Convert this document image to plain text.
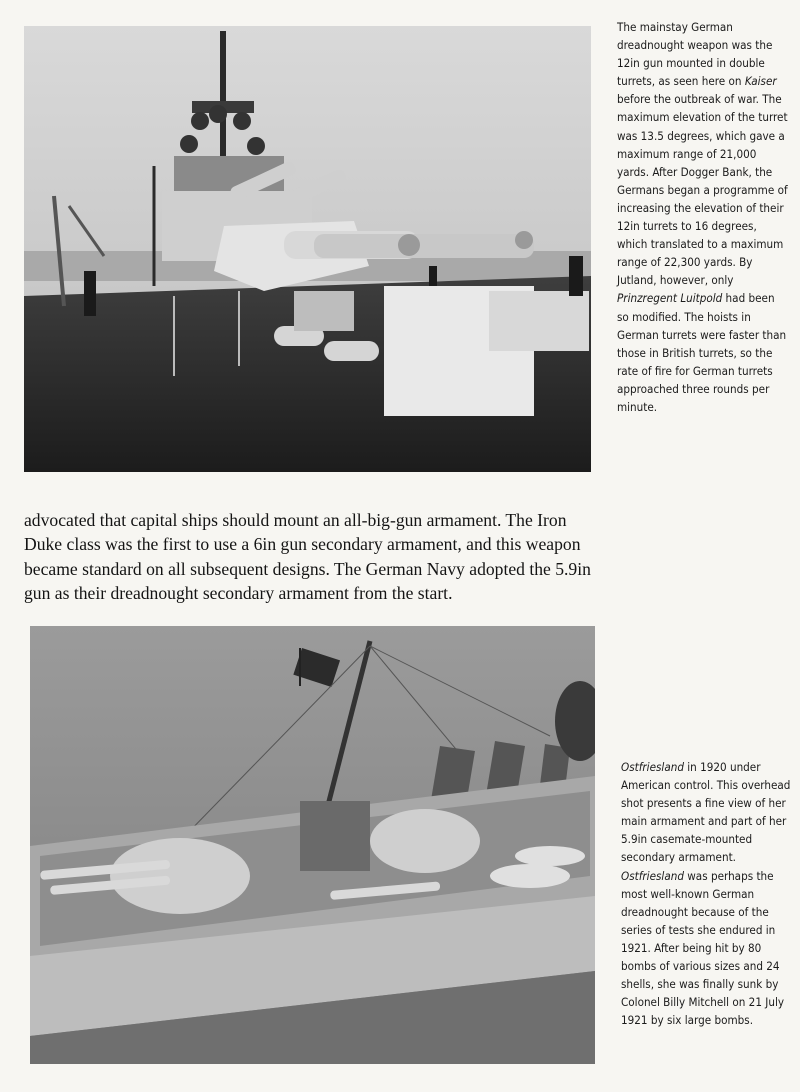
The mainstay German dreadnought weapon was the 12in gun mounted in double turrets, as seen here on Kaiser before the outbreak of war. The maximum elevation of the turret was 13.5 degrees, which gave a maximum range of 21,000 yards. After Dogger Bank, the Germans began a programme of increasing the elevation of their 12in turrets to 16 degrees, which translated to a maximum range of 22,300 yards. By Jutland, however, only Prinzregent Luitpold had been so modified. The hoists in German turrets were faster than those in British turrets, so the rate of fire for German turrets approached three rounds per minute.
advocated that capital ships should mount an all-big-gun armament. The Iron Duke class was the first to use a 6in gun secondary armament, and this weapon became standard on all subsequent designs. The German Navy adopted the 5.9in gun as their dreadnought secondary armament from the start.
Ostfriesland in 1920 under American control. This overhead shot presents a fine view of her main armament and part of her 5.9in casemate-mounted secondary armament. Ostfriesland was perhaps the most well-known German dreadnought because of the series of tests she endured in 1921. After being hit by 80 bombs of various sizes and 24 shells, she was finally sunk by Colonel Billy Mitchell on 21 July 1921 by six large bombs.
